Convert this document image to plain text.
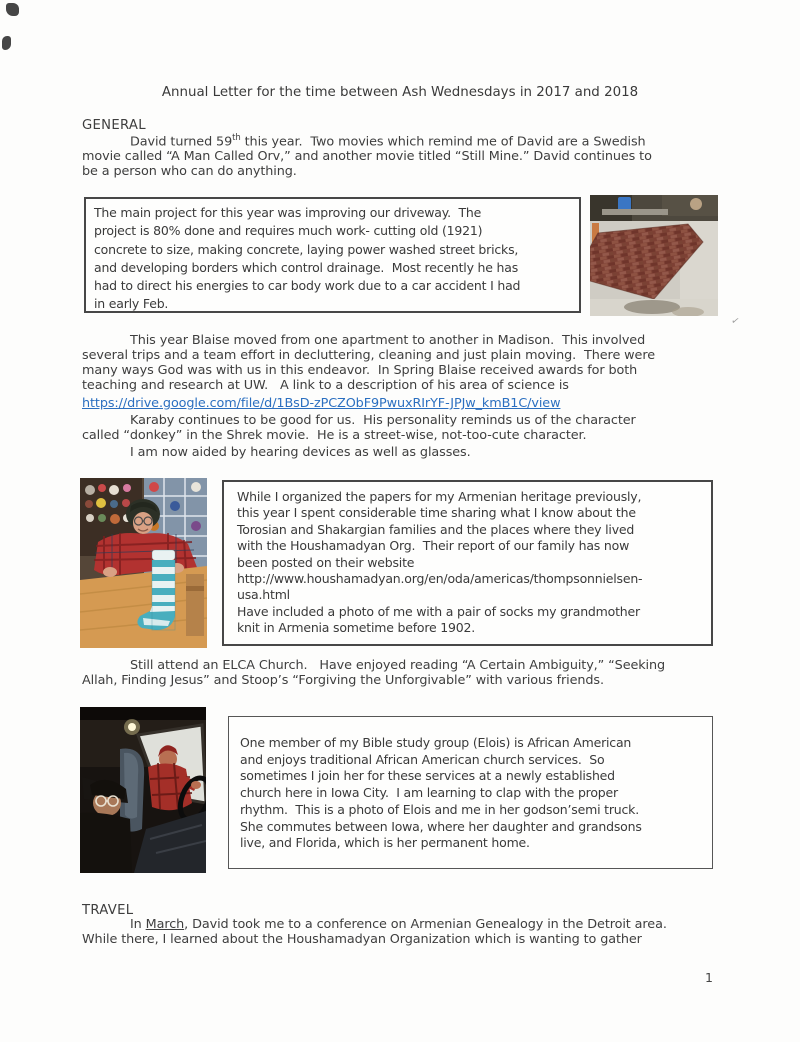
Annual Letter for the time between Ash Wednesdays in 2017 and 2018
GENERAL
David turned 59th this year.  Two movies which remind me of David are a Swedish
movie called “A Man Called Orv,” and another movie titled “Still Mine.” David continues to
be a person who can do anything.
The main project for this year was improving our driveway.  The
project is 80% done and requires much work- cutting old (1921)
concrete to size, making concrete, laying power washed street bricks,
and developing borders which control drainage.  Most recently he has
had to direct his energies to car body work due to a car accident I had
in early Feb.
This year Blaise moved from one apartment to another in Madison.  This involved
several trips and a team effort in decluttering, cleaning and just plain moving.  There were
many ways God was with us in this endeavor.  In Spring Blaise received awards for both
teaching and research at UW.   A link to a description of his area of science is
https://drive.google.com/file/d/1BsD-zPCZObF9PwuxRIrYF-JPJw_kmB1C/view
Karaby continues to be good for us.  His personality reminds us of the character
called “donkey” in the Shrek movie.  He is a street-wise, not-too-cute character.
I am now aided by hearing devices as well as glasses.
While I organized the papers for my Armenian heritage previously,
this year I spent considerable time sharing what I know about the
Torosian and Shakargian families and the places where they lived
with the Houshamadyan Org.  Their report of our family has now
been posted on their website
http://www.houshamadyan.org/en/oda/americas/thompsonnielsen-
usa.html
Have included a photo of me with a pair of socks my grandmother
knit in Armenia sometime before 1902.
Still attend an ELCA Church.   Have enjoyed reading “A Certain Ambiguity,” “Seeking
Allah, Finding Jesus” and Stoop’s “Forgiving the Unforgivable” with various friends.
One member of my Bible study group (Elois) is African American
and enjoys traditional African American church services.  So
sometimes I join her for these services at a newly established
church here in Iowa City.  I am learning to clap with the proper
rhythm.  This is a photo of Elois and me in her godson’semi truck.
She commutes between Iowa, where her daughter and grandsons
live, and Florida, which is her permanent home.
TRAVEL
In March, David took me to a conference on Armenian Genealogy in the Detroit area.
While there, I learned about the Houshamadyan Organization which is wanting to gather
✓
1
